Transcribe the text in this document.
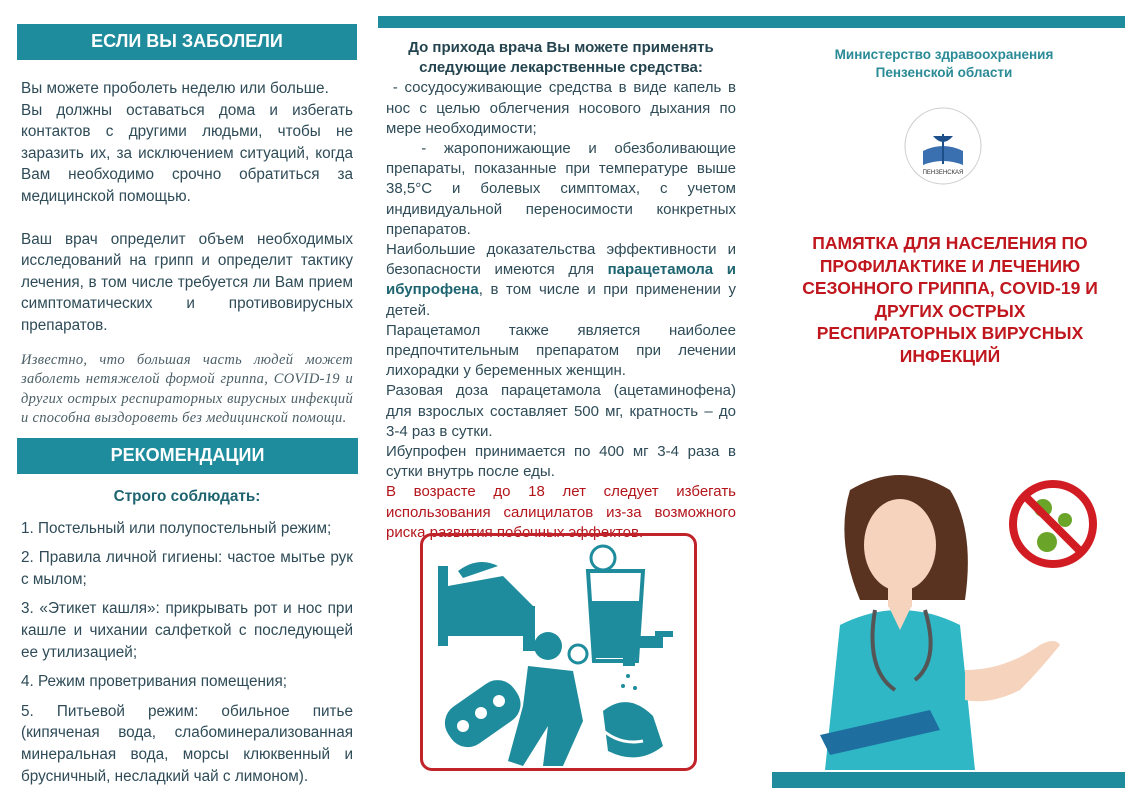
ЕСЛИ ВЫ ЗАБОЛЕЛИ

Вы можете проболеть неделю или больше.

Вы должны оставаться дома и избегать контактов с другими людьми, чтобы не заразить их, за исключением ситуаций, когда Вам необходимо срочно обратиться за медицинской помощью.

Ваш врач определит объем необходимых исследований на грипп и определит тактику лечения, в том числе требуется ли Вам прием симптоматических и противовирусных препаратов.

Известно, что большая часть людей может заболеть нетяжелой формой гриппа, COVID-19 и других острых респираторных вирусных инфекций и способна выздороветь без медицинской помощи.

РЕКОМЕНДАЦИИ

Строго соблюдать:

1. Постельный или полупостельный режим;

2. Правила личной гигиены: частое мытье рук с мылом;

3. «Этикет кашля»: прикрывать рот и нос при кашле и чихании салфеткой с последующей ее утилизацией;

4. Режим проветривания помещения;

5. Питьевой режим: обильное питье (кипяченая вода, слабоминерализованная минеральная вода, морсы клюквенный и брусничный, несладкий чай с лимоном).

До прихода врача Вы можете применять следующие лекарственные средства:

- сосудосуживающие средства в виде капель в нос с целью облегчения носового дыхания по мере необходимости;

- жаропонижающие и обезболивающие препараты, показанные при температуре выше 38,5°С и болевых симптомах, с учетом индивидуальной переносимости конкретных препаратов.

Наибольшие доказательства эффективности и безопасности имеются для парацетамола и ибупрофена, в том числе и при применении у детей.

Парацетамол также является наиболее предпочтительным препаратом при лечении лихорадки у беременных женщин.

Разовая доза парацетамола (ацетаминофена) для взрослых составляет 500 мг, кратность – до 3-4 раз в сутки.

Ибупрофен принимается по 400 мг 3-4 раза в сутки внутрь после еды.

В возрасте до 18 лет следует избегать использования салицилатов из-за возможного риска развития побочных эффектов.

Министерство здравоохранения Пензенской области
ПЕНЗЕНСКАЯ
ПАМЯТКА ДЛЯ НАСЕЛЕНИЯ ПО ПРОФИЛАКТИКЕ И ЛЕЧЕНИЮ СЕЗОННОГО ГРИППА, COVID-19 И ДРУГИХ ОСТРЫХ РЕСПИРАТОРНЫХ ВИРУСНЫХ ИНФЕКЦИЙ
